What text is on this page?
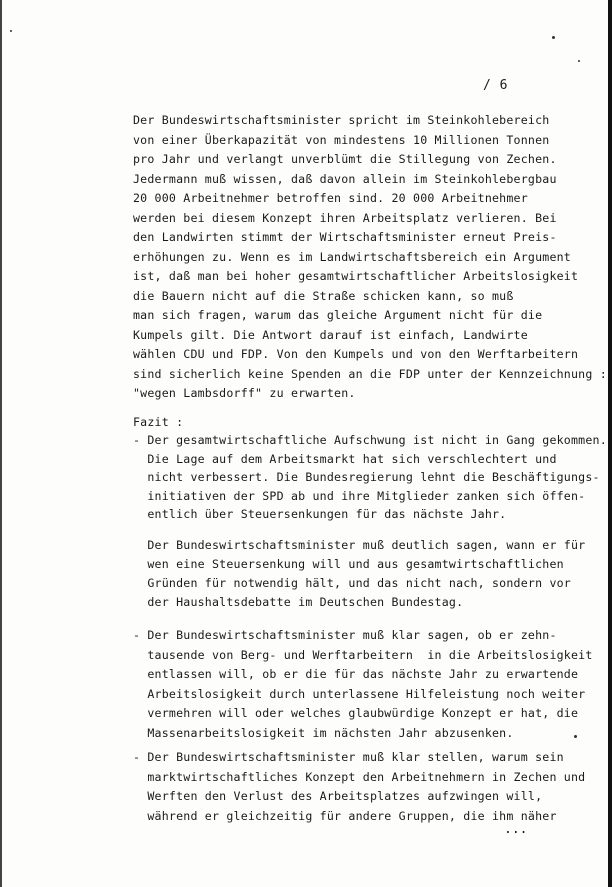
/ 6
Der Bundeswirtschaftsminister spricht im Steinkohlebereich
von einer Überkapazität von mindestens 10 Millionen Tonnen
pro Jahr und verlangt unverblümt die Stillegung von Zechen.
Jedermann muß wissen, daß davon allein im Steinkohlebergbau
20 000 Arbeitnehmer betroffen sind. 20 000 Arbeitnehmer
werden bei diesem Konzept ihren Arbeitsplatz verlieren. Bei
den Landwirten stimmt der Wirtschaftsminister erneut Preis-
erhöhungen zu. Wenn es im Landwirtschaftsbereich ein Argument
ist, daß man bei hoher gesamtwirtschaftlicher Arbeitslosigkeit
die Bauern nicht auf die Straße schicken kann, so muß
man sich fragen, warum das gleiche Argument nicht für die
Kumpels gilt. Die Antwort darauf ist einfach, Landwirte
wählen CDU und FDP. Von den Kumpels und von den Werftarbeitern
sind sicherlich keine Spenden an die FDP unter der Kennzeichnung :
"wegen Lambsdorff" zu erwarten.
Fazit :
- Der gesamtwirtschaftliche Aufschwung ist nicht in Gang gekommen.
Die Lage auf dem Arbeitsmarkt hat sich verschlechtert und
nicht verbessert. Die Bundesregierung lehnt die Beschäftigungs-
initiativen der SPD ab und ihre Mitglieder zanken sich öffen-
entlich über Steuersenkungen für das nächste Jahr.
Der Bundeswirtschaftsminister muß deutlich sagen, wann er für
wen eine Steuersenkung will und aus gesamtwirtschaftlichen
Gründen für notwendig hält, und das nicht nach, sondern vor
der Haushaltsdebatte im Deutschen Bundestag.
- Der Bundeswirtschaftsminister muß klar sagen, ob er zehn-
tausende von Berg- und Werftarbeitern  in die Arbeitslosigkeit
entlassen will, ob er die für das nächste Jahr zu erwartende
Arbeitslosigkeit durch unterlassene Hilfeleistung noch weiter
vermehren will oder welches glaubwürdige Konzept er hat, die
Massenarbeitslosigkeit im nächsten Jahr abzusenken.
- Der Bundeswirtschaftsminister muß klar stellen, warum sein
marktwirtschaftliches Konzept den Arbeitnehmern in Zechen und
Werften den Verlust des Arbeitsplatzes aufzwingen will,
während er gleichzeitig für andere Gruppen, die ihm näher
...
